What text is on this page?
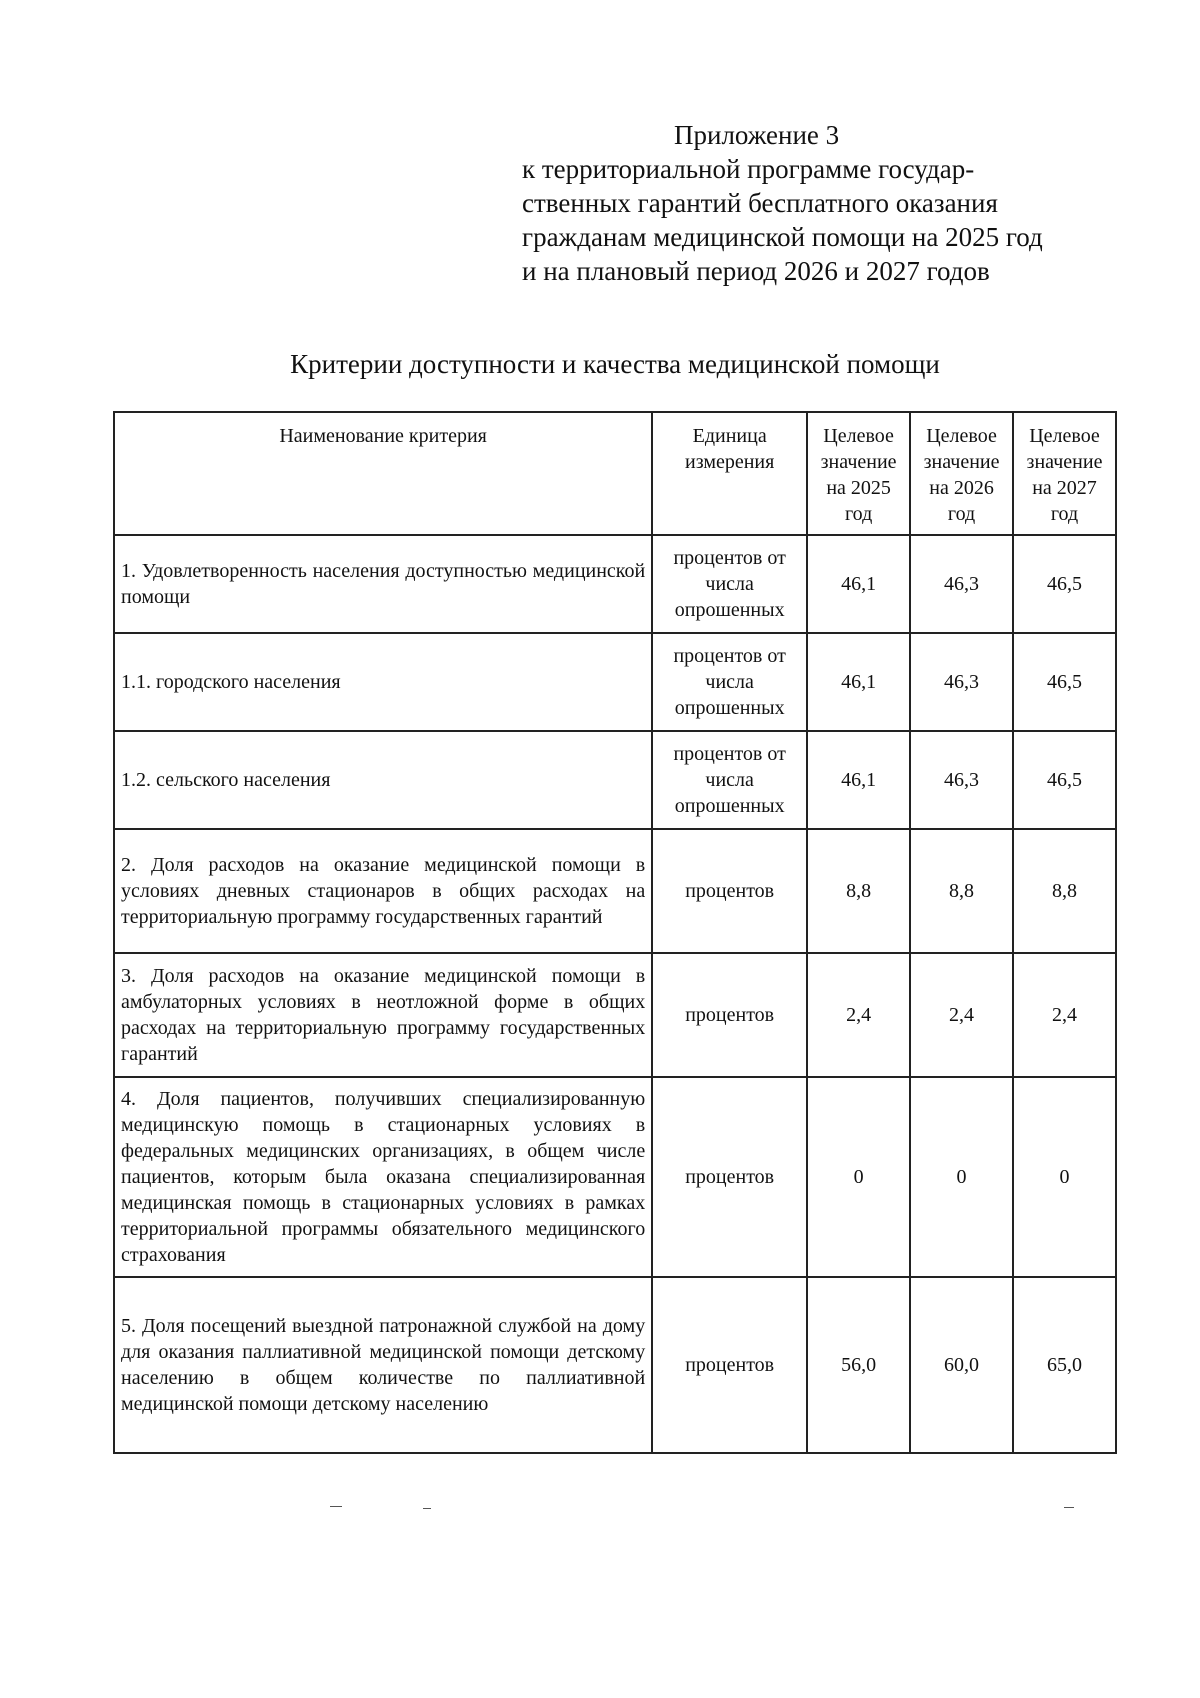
Приложение 3
к территориальной программе государ-
ственных гарантий бесплатного оказания
гражданам медицинской помощи на 2025 год
и на плановый период 2026 и 2027 годов
Критерии доступности и качества медицинской помощи
Наименование критерия	Единица измерения	Целевое значение на 2025 год	Целевое значение на 2026 год	Целевое значение на 2027 год
1. Удовлетворенность населения доступностью медицинской помощи	процентов от числа опрошенных	46,1	46,3	46,5
1.1. городского населения	процентов от числа опрошенных	46,1	46,3	46,5
1.2. сельского населения	процентов от числа опрошенных	46,1	46,3	46,5
2. Доля расходов на оказание медицинской помощи в условиях дневных стационаров в общих расходах на территориальную программу государственных гарантий	процентов	8,8	8,8	8,8
3. Доля расходов на оказание медицинской помощи в амбулаторных условиях в неотложной форме в общих расходах на территориальную программу государственных гарантий	процентов	2,4	2,4	2,4
4. Доля пациентов, получивших специализированную медицинскую помощь в стационарных условиях в федеральных медицинских организациях, в общем числе пациентов, которым была оказана специализированная медицинская помощь в стационарных условиях в рамках территориальной программы обязательного медицинского страхования	процентов	0	0	0
5. Доля посещений выездной патронажной службой на дому для оказания паллиативной медицинской помощи детскому населению в общем количестве по паллиативной медицинской помощи детскому населению	процентов	56,0	60,0	65,0
